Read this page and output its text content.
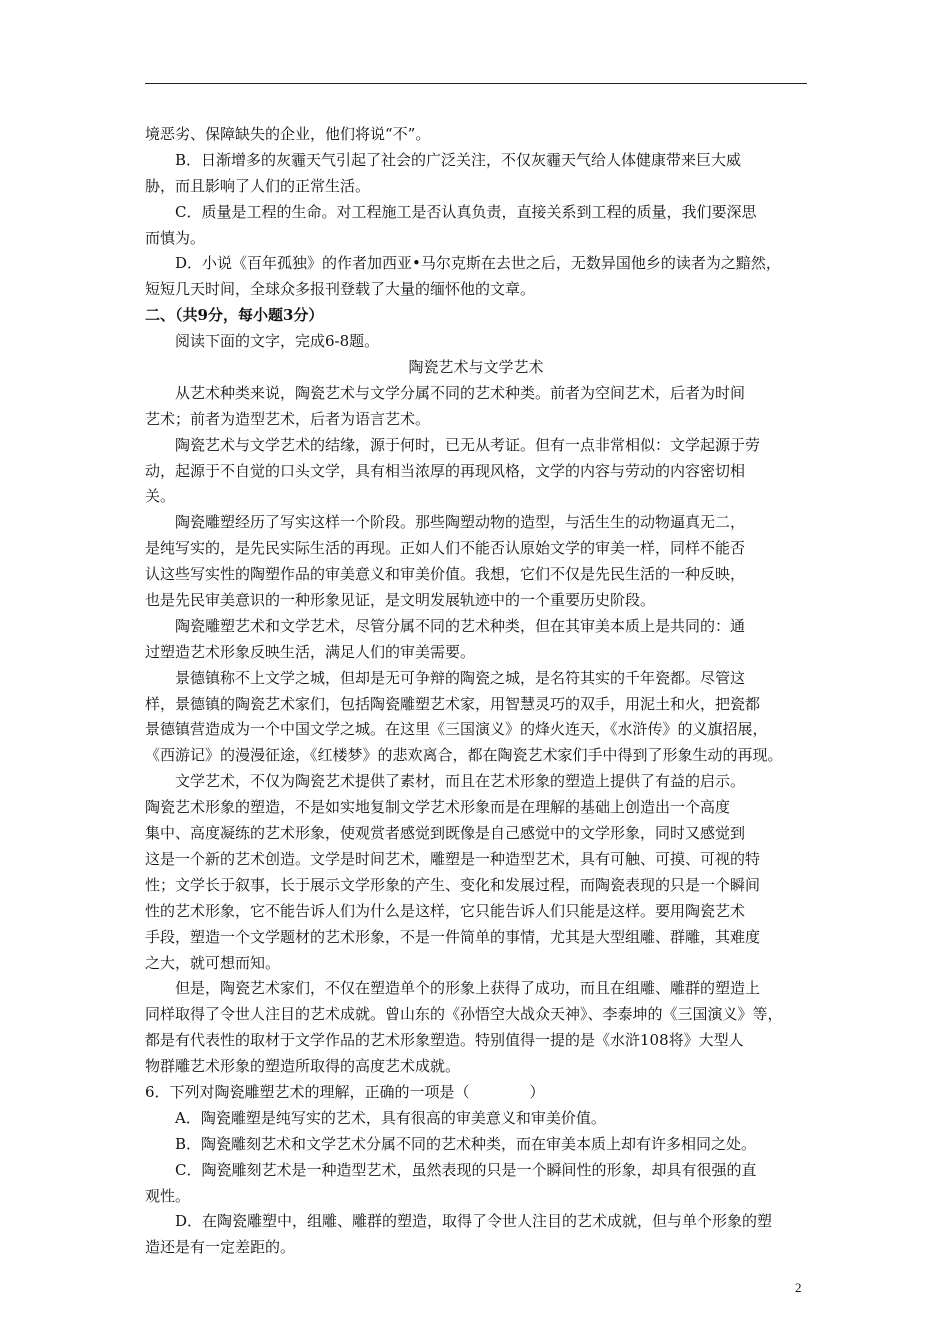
境恶劣、保障缺失的企业，他们将说“不”。
B．日渐增多的灰霾天气引起了社会的广泛关注，不仅灰霾天气给人体健康带来巨大威
胁，而且影响了人们的正常生活。
C．质量是工程的生命。对工程施工是否认真负责，直接关系到工程的质量，我们要深思
而慎为。
D．小说《百年孤独》的作者加西亚•马尔克斯在去世之后，无数异国他乡的读者为之黯然，
短短几天时间，全球众多报刊登载了大量的缅怀他的文章。
二、（共9分，每小题3分）
阅读下面的文字，完成6-8题。
陶瓷艺术与文学艺术
从艺术种类来说，陶瓷艺术与文学分属不同的艺术种类。前者为空间艺术，后者为时间
艺术；前者为造型艺术，后者为语言艺术。
陶瓷艺术与文学艺术的结缘，源于何时，已无从考证。但有一点非常相似：文学起源于劳
动，起源于不自觉的口头文学，具有相当浓厚的再现风格，文学的内容与劳动的内容密切相
关。
陶瓷雕塑经历了写实这样一个阶段。那些陶塑动物的造型，与活生生的动物逼真无二，
是纯写实的，是先民实际生活的再现。正如人们不能否认原始文学的审美一样，同样不能否
认这些写实性的陶塑作品的审美意义和审美价值。我想，它们不仅是先民生活的一种反映，
也是先民审美意识的一种形象见证，是文明发展轨迹中的一个重要历史阶段。
陶瓷雕塑艺术和文学艺术，尽管分属不同的艺术种类，但在其审美本质上是共同的：通
过塑造艺术形象反映生活，满足人们的审美需要。
景德镇称不上文学之城，但却是无可争辩的陶瓷之城，是名符其实的千年瓷都。尽管这
样，景德镇的陶瓷艺术家们，包括陶瓷雕塑艺术家，用智慧灵巧的双手，用泥土和火，把瓷都
景德镇营造成为一个中国文学之城。在这里《三国演义》的烽火连天，《水浒传》的义旗招展，
《西游记》的漫漫征途，《红楼梦》的悲欢离合，都在陶瓷艺术家们手中得到了形象生动的再现。
文学艺术，不仅为陶瓷艺术提供了素材，而且在艺术形象的塑造上提供了有益的启示。
陶瓷艺术形象的塑造，不是如实地复制文学艺术形象而是在理解的基础上创造出一个高度
集中、高度凝练的艺术形象，使观赏者感觉到既像是自己感觉中的文学形象，同时又感觉到
这是一个新的艺术创造。文学是时间艺术，雕塑是一种造型艺术，具有可触、可摸、可视的特
性；文学长于叙事，长于展示文学形象的产生、变化和发展过程，而陶瓷表现的只是一个瞬间
性的艺术形象，它不能告诉人们为什么是这样，它只能告诉人们只能是这样。要用陶瓷艺术
手段，塑造一个文学题材的艺术形象，不是一件简单的事情，尤其是大型组雕、群雕，其难度
之大，就可想而知。
但是，陶瓷艺术家们，不仅在塑造单个的形象上获得了成功，而且在组雕、雕群的塑造上
同样取得了令世人注目的艺术成就。曾山东的《孙悟空大战众天神》、李泰坤的《三国演义》等，
都是有代表性的取材于文学作品的艺术形象塑造。特别值得一提的是《水浒108将》大型人
物群雕艺术形象的塑造所取得的高度艺术成就。
6．下列对陶瓷雕塑艺术的理解，正确的一项是（　　　　）
A．陶瓷雕塑是纯写实的艺术，具有很高的审美意义和审美价值。
B．陶瓷雕刻艺术和文学艺术分属不同的艺术种类，而在审美本质上却有许多相同之处。
C．陶瓷雕刻艺术是一种造型艺术，虽然表现的只是一个瞬间性的形象，却具有很强的直
观性。
D．在陶瓷雕塑中，组雕、雕群的塑造，取得了令世人注目的艺术成就，但与单个形象的塑
造还是有一定差距的。
2
